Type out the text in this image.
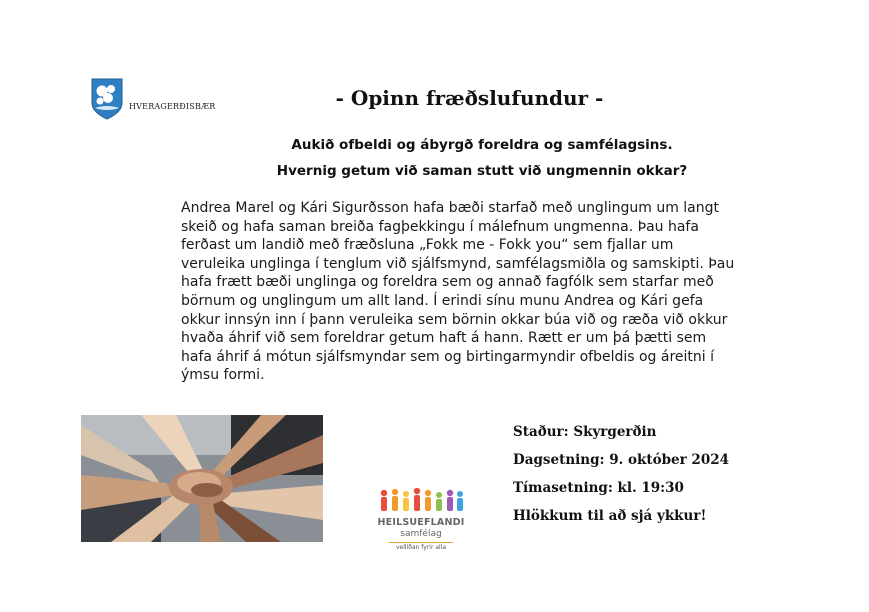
HVERAGERÐISBÆR	- Opinn fræðslufundur -
Aukið ofbeldi og ábyrgð foreldra og samfélagsins.
Hvernig getum við saman stutt við ungmennin okkar?
Andrea Marel og Kári Sigurðsson hafa bæði starfað með unglingum um langt skeið og hafa saman breiða fagþekkingu í málefnum ungmenna. Þau hafa ferðast um landið með fræðsluna „Fokk me - Fokk you“ sem fjallar um veruleika unglinga í tenglum við sjálfsmynd, samfélagsmiðla og samskipti. Þau hafa frætt bæði unglinga og foreldra sem og annað fagfólk sem starfar með börnum og unglingum um allt land. Í erindi sínu munu Andrea og Kári gefa okkur innsýn inn í þann veruleika sem börnin okkar búa við og ræða við okkur hvaða áhrif við sem foreldrar getum haft á hann. Rætt er um þá þætti sem hafa áhrif á mótun sjálfsmyndar sem og birtingarmyndir ofbeldis og áreitni í ýmsu formi.
HEILSUEFLANDI
samfélag
vellíðan fyrir alla
Staður: Skyrgerðin
Dagsetning: 9. október 2024
Tímasetning: kl. 19:30
Hlökkum til að sjá ykkur!
